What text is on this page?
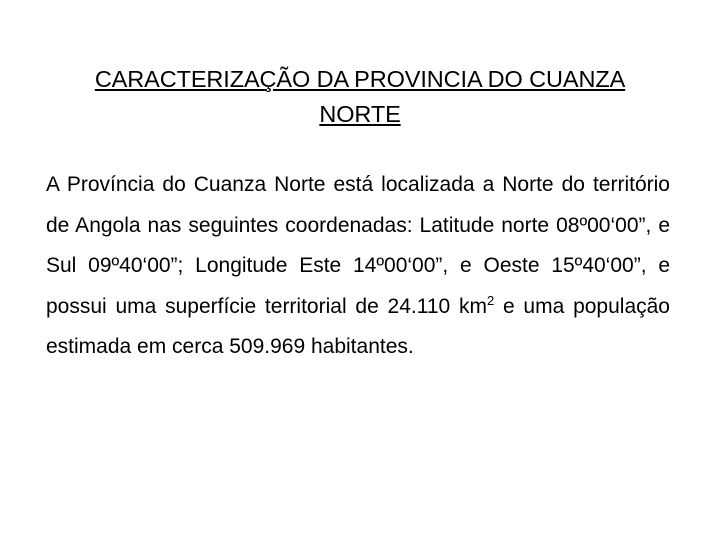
CARACTERIZAÇÃO DA PROVINCIA DO CUANZA
NORTE
A Província do Cuanza Norte está localizada a Norte do território de Angola nas seguintes coordenadas: Latitude norte 08º00‘00”, e Sul 09º40‘00”; Longitude Este 14º00‘00”, e Oeste 15º40‘00”, e possui uma superfície territorial de 24.110 $km^2$ e uma população estimada em cerca 509.969 habitantes.
